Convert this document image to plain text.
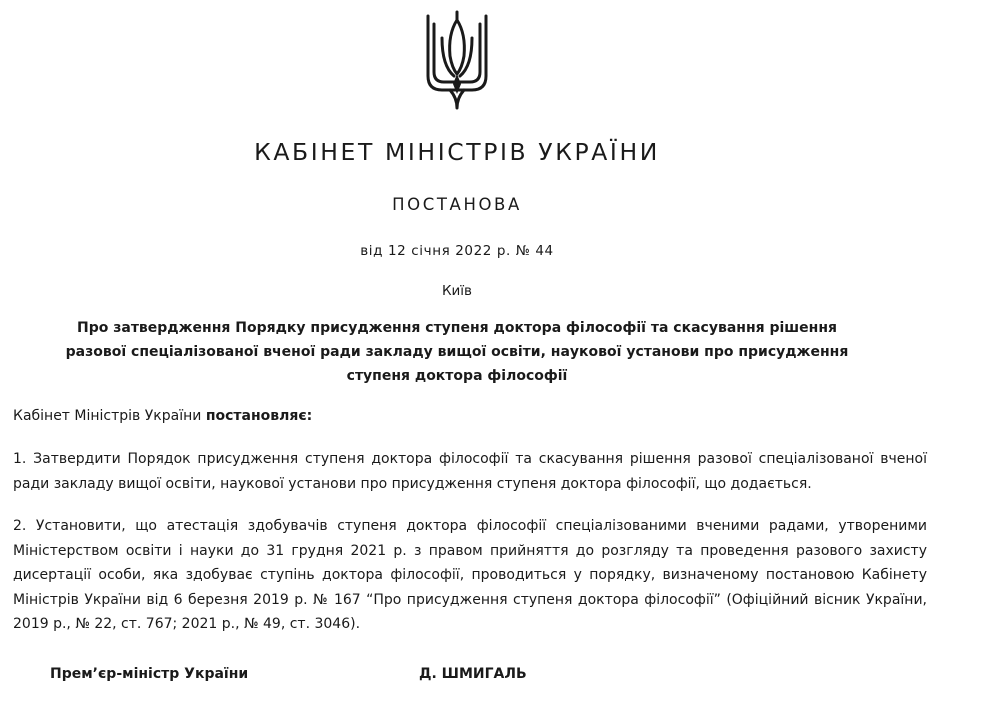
КАБІНЕТ МІНІСТРІВ УКРАЇНИ
ПОСТАНОВА
від 12 січня 2022 р. № 44
Київ
Про затвердження Порядку присудження ступеня доктора філософії та скасування рішення разової спеціалізованої вченої ради закладу вищої освіти, наукової установи про присудження ступеня доктора філософії

Кабінет Міністрів України постановляє:

1. Затвердити Порядок присудження ступеня доктора філософії та скасування рішення разової спеціалізованої вченої ради закладу вищої освіти, наукової установи про присудження ступеня доктора філософії, що додається.

2. Установити, що атестація здобувачів ступеня доктора філософії спеціалізованими вченими радами, утвореними Міністерством освіти і науки до 31 грудня 2021 р. з правом прийняття до розгляду та проведення разового захисту дисертації особи, яка здобуває ступінь доктора філософії, проводиться у порядку, визначеному постановою Кабінету Міністрів України від 6 березня 2019 р. № 167 “Про присудження ступеня доктора філософії” (Офіційний вісник України, 2019 р., № 22, ст. 767; 2021 р., № 49, ст. 3046).

Прем’єр-міністр України	Д. ШМИГАЛЬ
